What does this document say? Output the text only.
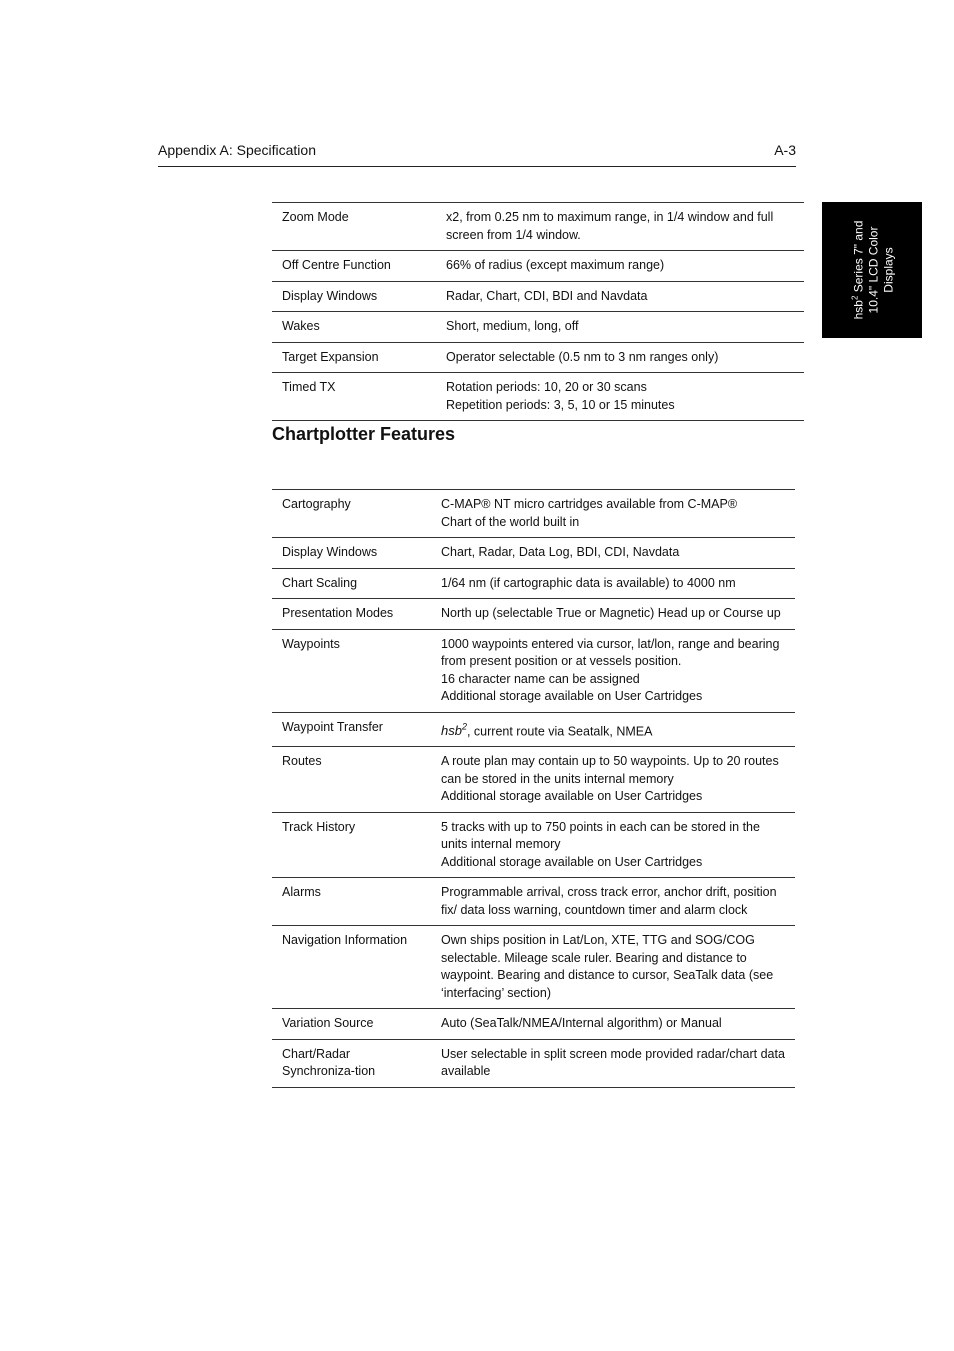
Appendix A: Specification	A-3
hsb$^2$ Series 7" and 10.4" LCD Color Displays
Zoom Mode	x2, from 0.25 nm to maximum range, in 1/4 window and full screen from 1/4 window.

Off Centre Function	66% of radius (except maximum range)

Display Windows	Radar, Chart, CDI, BDI and Navdata

Wakes	Short, medium, long, off

Target Expansion	Operator selectable (0.5 nm to 3 nm ranges only)

Timed TX	Rotation periods: 10, 20 or 30 scans
Repetition periods: 3, 5, 10 or 15 minutes
Chartplotter Features
Cartography	C-MAP® NT micro cartridges available from C-MAP®
Chart of the world built in

Display Windows	Chart, Radar, Data Log, BDI, CDI, Navdata

Chart Scaling	1/64 nm (if cartographic data is available) to 4000 nm

Presentation Modes	North up (selectable True or Magnetic) Head up or Course up

Waypoints	1000 waypoints entered via cursor, lat/lon, range and bearing from present position or at vessels position.
16 character name can be assigned
Additional storage available on User Cartridges

Waypoint Transfer	hsb$^2$, current route via Seatalk, NMEA

Routes	A route plan may contain up to 50 waypoints. Up to 20 routes can be stored in the units internal memory
Additional storage available on User Cartridges

Track History	5 tracks with up to 750 points in each can be stored in the units internal memory
Additional storage available on User Cartridges

Alarms	Programmable arrival, cross track error, anchor drift, position fix/ data loss warning, countdown timer and alarm clock

Navigation Information	Own ships position in Lat/Lon, XTE, TTG and SOG/COG selectable. Mileage scale ruler. Bearing and distance to waypoint. Bearing and distance to cursor, SeaTalk data (see ‘interfacing’ section)

Variation Source	Auto (SeaTalk/NMEA/Internal algorithm) or Manual

Chart/Radar Synchroniza-tion	User selectable in split screen mode provided radar/chart data available
